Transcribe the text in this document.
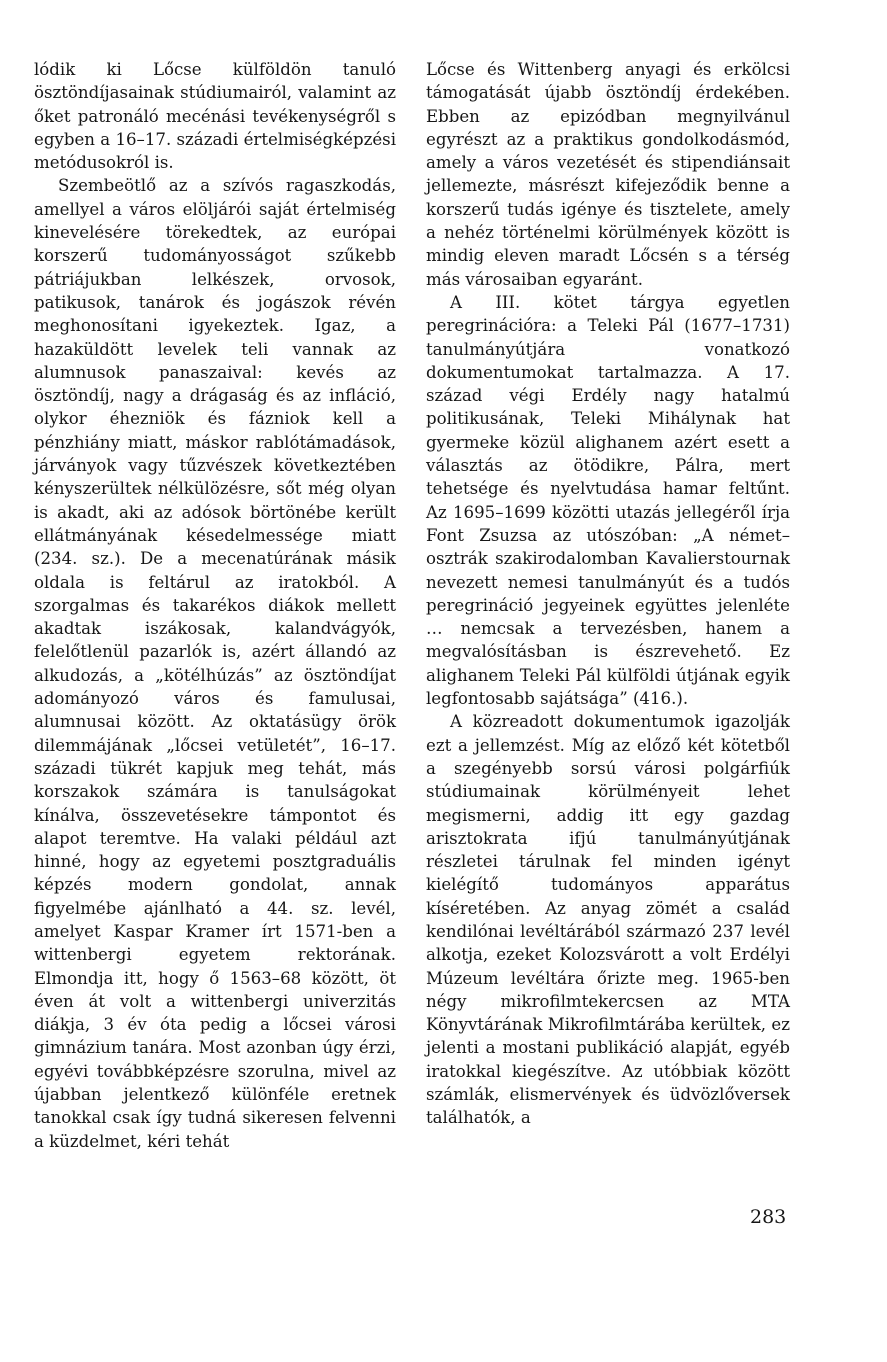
lódik ki Lőcse külföldön tanuló ösztöndíjasainak stúdiumairól, valamint az őket patronáló mecénási tevékenységről s egyben a 16–17. századi értelmiségképzési metódusokról is.

Szembeötlő az a szívós ragaszkodás, amellyel a város elöljárói saját értelmiség kinevelésére törekedtek, az európai korszerű tudományosságot szűkebb pátriájukban lelkészek, orvosok, patikusok, tanárok és jogászok révén meghonosítani igyekeztek. Igaz, a hazaküldött levelek teli vannak az alumnusok panaszaival: kevés az ösztöndíj, nagy a drágaság és az infláció, olykor éhezniök és fázniok kell a pénzhiány miatt, máskor rablótámadások, járványok vagy tűzvészek következtében kényszerültek nélkülözésre, sőt még olyan is akadt, aki az adósok börtönébe került ellátmányának késedelmessége miatt (234. sz.). De a mecenatúrának másik oldala is feltárul az iratokból. A szorgalmas és takarékos diákok mellett akadtak iszákosak, kalandvágyók, felelőtlenül pazarlók is, azért állandó az alkudozás, a „kötélhúzás” az ösztöndíjat adományozó város és famulusai, alumnusai között. Az oktatásügy örök dilemmájának „lőcsei vetületét”, 16–17. századi tükrét kapjuk meg tehát, más korszakok számára is tanulságokat kínálva, összevetésekre támpontot és alapot teremtve. Ha valaki például azt hinné, hogy az egyetemi posztgraduális képzés modern gondolat, annak figyelmébe ajánlható a 44. sz. levél, amelyet Kaspar Kramer írt 1571-ben a wittenbergi egyetem rektorának. Elmondja itt, hogy ő 1563–68 között, öt éven át volt a wittenbergi univerzitás diákja, 3 év óta pedig a lőcsei városi gimnázium tanára. Most azonban úgy érzi, egyévi továbbképzésre szorulna, mivel az újabban jelentkező különféle eretnek tanokkal csak így tudná sikeresen felvenni a küzdelmet, kéri tehát

Lőcse és Wittenberg anyagi és erkölcsi támogatását újabb ösztöndíj érdekében. Ebben az epizódban megnyilvánul egyrészt az a praktikus gondolkodásmód, amely a város vezetését és stipendiánsait jellemezte, másrészt kifejeződik benne a korszerű tudás igénye és tisztelete, amely a nehéz történelmi körülmények között is mindig eleven maradt Lőcsén s a térség más városaiban egyaránt.

A III. kötet tárgya egyetlen peregrinációra: a Teleki Pál (1677–1731) tanulmányútjára vonatkozó dokumentumokat tartalmazza. A 17. század végi Erdély nagy hatalmú politikusának, Teleki Mihálynak hat gyermeke közül alighanem azért esett a választás az ötödikre, Pálra, mert tehetsége és nyelvtudása hamar feltűnt. Az 1695–1699 közötti utazás jellegéről írja Font Zsuzsa az utószóban: „A német–osztrák szakirodalomban Kavalierstournak nevezett nemesi tanulmányút és a tudós peregrináció jegyeinek együttes jelenléte … nemcsak a tervezésben, hanem a megvalósításban is észrevehető. Ez alighanem Teleki Pál külföldi útjának egyik legfontosabb sajátsága” (416.).

A közreadott dokumentumok igazolják ezt a jellemzést. Míg az előző két kötetből a szegényebb sorsú városi polgárfiúk stúdiumainak körülményeit lehet megismerni, addig itt egy gazdag arisztokrata ifjú tanulmányútjának részletei tárulnak fel minden igényt kielégítő tudományos apparátus kíséretében. Az anyag zömét a család kendilónai levéltárából származó 237 levél alkotja, ezeket Kolozsvárott a volt Erdélyi Múzeum levéltára őrizte meg. 1965-ben négy mikrofilmtekercsen az MTA Könyvtárának Mikrofilmtárába kerültek, ez jelenti a mostani publikáció alapját, egyéb iratokkal kiegészítve. Az utóbbiak között számlák, elismervények és üdvözlőversek találhatók, a

283
